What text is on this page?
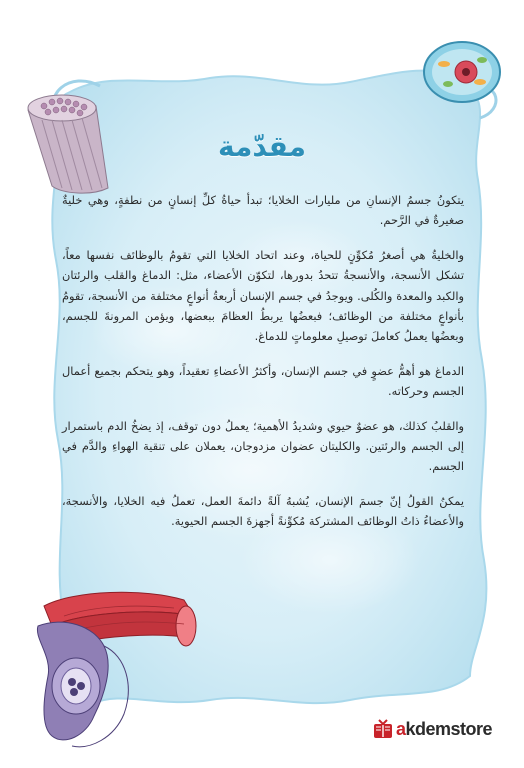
مقدّمة

يتكونُ جسمُ الإنسانِ من مليارات الخلايا؛ تبدأ حياةُ كلِّ إنسانٍ من نطفةٍ، وهي خليةٌ صغيرةٌ في الرَّحم.

والخليةُ هي أصغرُ مُكوِّنٍ للحياة، وعند اتحاد الخلايا التي تقومُ بالوظائف نفسها معاً، تشكل الأنسجة، والأنسجةُ تتحدُ بدورها، لتكوّن الأعضاء، مثل: الدماغ والقلب والرئتان والكبد والمعدة والكُلى. ويوجدُ في جسم الإنسان أربعةُ أنواعٍ مختلفة من الأنسجة، تقومُ بأنواعٍ مختلفة من الوظائف؛ فبعضُها يربطُ العظامَ ببعضها، ويؤمن المرونةَ للجسم، وبعضُها يعملُ كعاملَ توصيلِ معلوماتٍ للدماغ.

الدماغ هو أهمُّ عضوٍ في جسم الإنسان، وأكثرُ الأعضاءِ تعقيداً، وهو يتحكم بجميع أعمال الجسم وحركاته.

والقلبُ كذلك، هو عضوٌ حيوي وشديدُ الأهمية؛ يعملُ دون توقف، إذ يضخُ الدم باستمرار إلى الجسم والرئتين. والكليتان عضوان مزدوجان، يعملان على تنقية الهواءِ والدَّم في الجسم.

يمكنُ القولُ إنّ جسمَ الإنسان، يُشبهُ آلةً دائمةَ العمل، تعملُ فيه الخلايا، والأنسجة، والأعضاءُ ذاتُ الوظائف المشتركة مُكوِّنةً أجهزةَ الجسم الحيوية.

akdemstore
